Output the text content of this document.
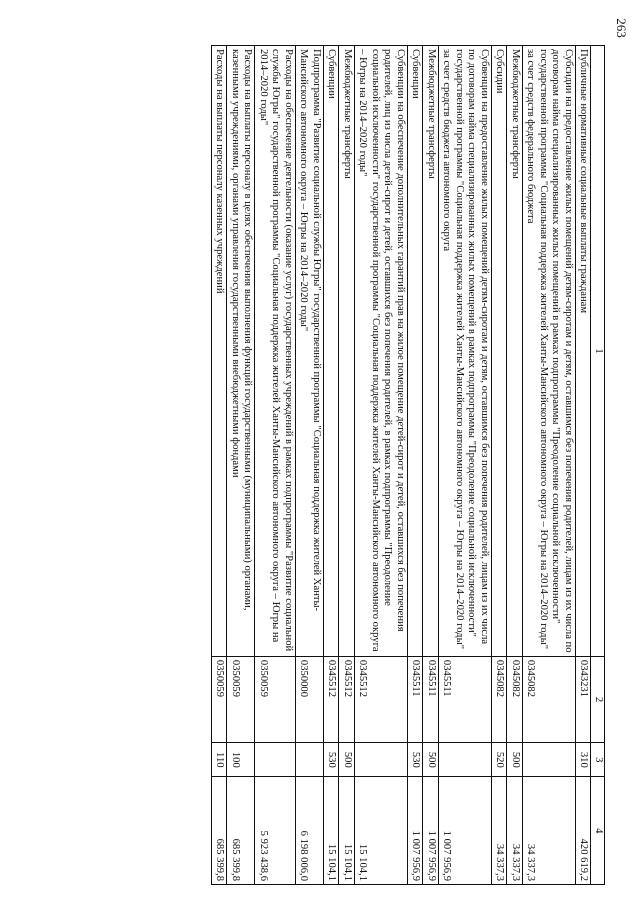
263
1	2	3	4
Публичные нормативные социальные выплаты гражданам	0343231	310	420 619,2
Субсидии на предоставление жилых помещений детям-сиротам и детям, оставшимся без попечения родителей, лицам из их числа по договорам найма специализированных жилых помещений в рамках подпрограммы "Преодоление социальной исключенности" государственной программы "Социальная поддержка жителей Ханты-Мансийского автономного округа – Югры на 2014–2020 годы" за счет средств федерального бюджета	0345082		34 337,3
Межбюджетные трансферты	0345082	500	34 337,3
Субсидии	0345082	520	34 337,3
Субвенции на предоставление жилых помещений детям-сиротам и детям, оставшимся без попечения родителей, лицам из их числа по договорам найма специализированных жилых помещений в рамках подпрограммы "Преодоление социальной исключенности" государственной программы "Социальная поддержка жителей Ханты-Мансийского автономного округа – Югры на 2014–2020 годы" за счет средств бюджета автономного округа	0345511		1 007 956,9
Межбюджетные трансферты	0345511	500	1 007 956,9
Субвенции	0345511	530	1 007 956,9
Субвенции на обеспечение дополнительных гарантий прав на жилое помещение детей-сирот и детей, оставшихся без попечения родителей, лиц из числа детей-сирот и детей, оставшихся без попечения родителей, в рамках подпрограммы "Преодоление социальной исключенности" государственной программы "Социальная поддержка жителей Ханты-Мансийского автономного округа – Югры на 2014–2020 годы"	0345512		15 104,1
Межбюджетные трансферты	0345512	500	15 104,1
Субвенции	0345512	530	15 104,1
Подпрограмма "Развитие социальной службы Югры" государственной программы "Социальная поддержка жителей Ханты-Мансийского автономного округа – Югры на 2014–2020 годы"	0350000		6 198 006,0
Расходы на обеспечение деятельности (оказание услуг) государственных учреждений в рамках подпрограммы "Развитие социальной службы Югры" государственной программы "Социальная поддержка жителей Ханты-Мансийского автономного округа – Югры на 2014–2020 годы"	0350059		5 923 438,6
Расходы на выплаты персоналу в целях обеспечения выполнения функций государственными (муниципальными) органами, казенными учреждениями, органами управления государственными внебюджетными фондами	0350059	100	685 399,8
Расходы на выплаты персоналу казенных учреждений	0350059	110	685 399,8
